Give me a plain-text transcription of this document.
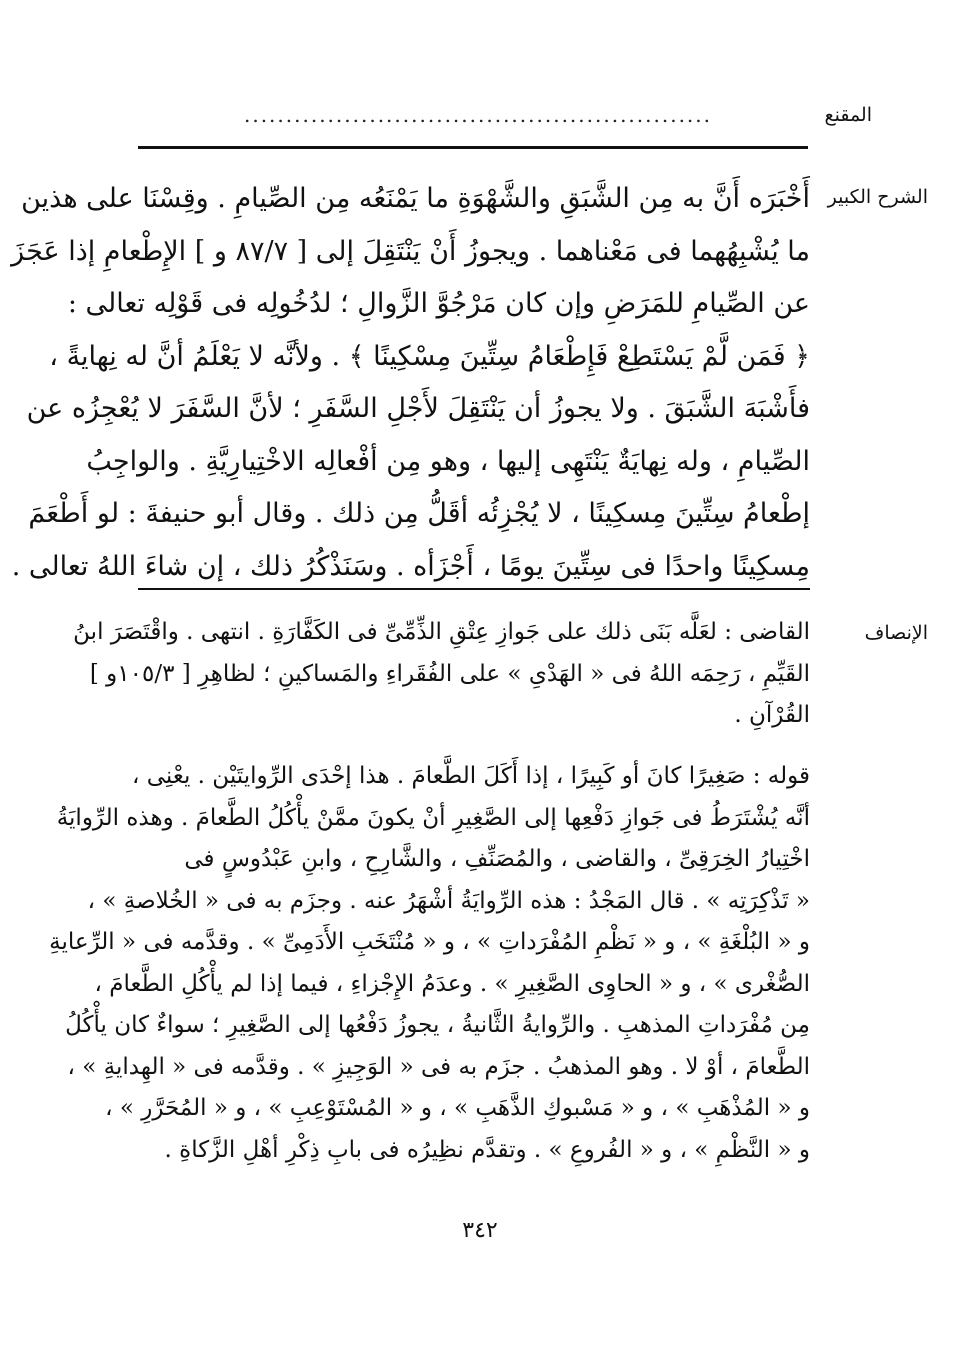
المقنع
........................................................
الشرح الكبير
أَخْبَرَه أَنَّ به مِن الشَّبَقِ والشَّهْوَةِ ما يَمْنَعُه مِن الصِّيامِ . وقِسْنَا على هذين
ما يُشْبِهُهما فى مَعْناهما . ويجوزُ أَنْ يَنْتَقِلَ إلى [ ٨٧/٧ و ] الإِطْعامِ إذا عَجَزَ
عن الصِّيامِ للمَرَضِ وإن كان مَرْجُوَّ الزَّوالِ ؛ لدُخُولِه فى قَوْلِه تعالى :
﴿ فَمَن لَّمْ يَسْتَطِعْ فَإِطْعَامُ سِتِّينَ مِسْكِينًا ﴾ . ولأنَّه لا يَعْلَمُ أنَّ له نِهايةً ،
فأَشْبَهَ الشَّبَقَ . ولا يجوزُ أن يَنْتَقِلَ لأَجْلِ السَّفَرِ ؛ لأنَّ السَّفَرَ لا يُعْجِزُه عن
الصِّيامِ ، وله نِهايَةٌ يَنْتَهِى إليها ، وهو مِن أفْعالِه الاخْتِيارِيَّةِ . والواجِبُ
إطْعامُ سِتِّينَ مِسكِينًا ، لا يُجْزِئُه أقَلُّ مِن ذلك . وقال أبو حنيفةَ : لو أَطْعَمَ
مِسكِينًا واحدًا فى سِتِّينَ يومًا ، أَجْزَأه . وسَنَذْكُرُ ذلك ، إن شاءَ اللهُ تعالى .
الإنصاف
القاضى : لعَلَّه بَنَى ذلك على جَوازِ عِتْقِ الذِّمِّىِّ فى الكَفَّارَةِ . انتهى . واقْتَصَرَ ابنُ
القَيِّمِ ، رَحِمَه اللهُ فى « الهَدْىِ » على الفُقَراءِ والمَساكينِ ؛ لظاهِرِ [ ١٠٥/٣و ]
القُرْآنِ .
قوله : صَغِيرًا كانَ أو كَبِيرًا ، إذا أَكَلَ الطَّعامَ . هذا إحْدَى الرِّوايتَيْن . يعْنِى ،
أنَّه يُشْتَرَطُ فى جَوازِ دَفْعِها إلى الصَّغِيرِ أنْ يكونَ ممَّنْ يأْكُلُ الطَّعامَ . وهذه الرِّوايَةُ
اخْتِيارُ الخِرَقِىِّ ، والقاضى ، والمُصَنِّفِ ، والشَّارِحِ ، وابنِ عَبْدُوسٍ فى
« تَذْكِرَتِه » . قال المَجْدُ : هذه الرِّوايَةُ أشْهَرُ عنه . وجزَم به فى « الخُلاصةِ » ،
و « البُلْغَةِ » ، و « نَظْمِ المُفْرَداتِ » ، و « مُنْتَخَبِ الأَدَمِىِّ » . وقدَّمه فى « الرِّعايةِ
الصُّغْرى » ، و « الحاوِى الصَّغِيرِ » . وعدَمُ الإِجْزاءِ ، فيما إذا لم يأْكُلِ الطَّعامَ ،
مِن مُفْرَداتِ المذهبِ . والرِّوايةُ الثَّانيةُ ، يجوزُ دَفْعُها إلى الصَّغِيرِ ؛ سواءٌ كان يأْكُلُ
الطَّعامَ ، أوْ لا . وهو المذهبُ . جزَم به فى « الوَجِيزِ » . وقدَّمه فى « الهِدايةِ » ،
و « المُذْهَبِ » ، و « مَسْبوكِ الذَّهَبِ » ، و « المُسْتَوْعِبِ » ، و « المُحَرَّرِ » ،
و « النَّظْمِ » ، و « الفُروعِ » . وتقدَّم نظِيرُه فى بابِ ذِكْرِ أهْلِ الزَّكاةِ .
٣٤٢
